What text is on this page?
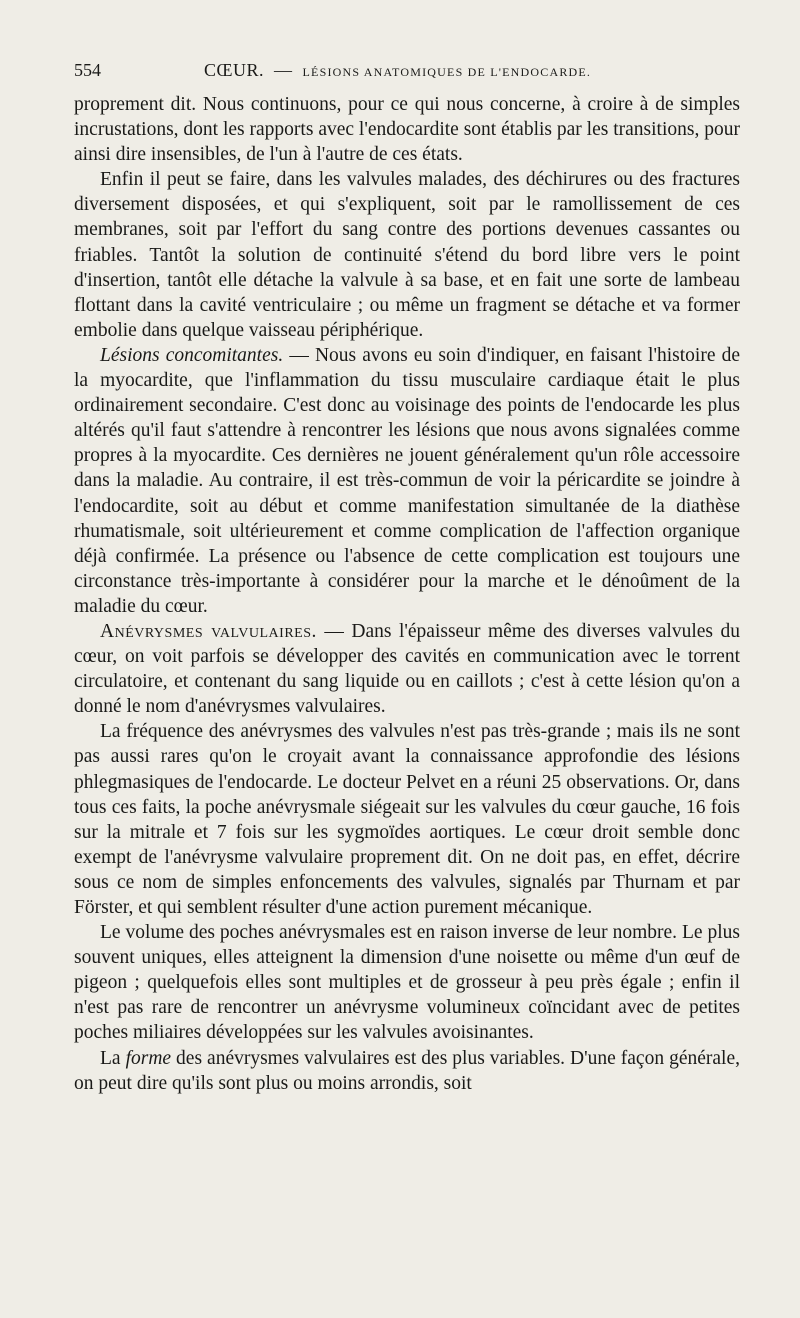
554	CŒUR. — LÉSIONS ANATOMIQUES DE L'ENDOCARDE.

proprement dit. Nous continuons, pour ce qui nous concerne, à croire à de simples incrustations, dont les rapports avec l'endocardite sont établis par les transitions, pour ainsi dire insensibles, de l'un à l'autre de ces états.

Enfin il peut se faire, dans les valvules malades, des déchirures ou des fractures diversement disposées, et qui s'expliquent, soit par le ramollissement de ces membranes, soit par l'effort du sang contre des portions devenues cassantes ou friables. Tantôt la solution de continuité s'étend du bord libre vers le point d'insertion, tantôt elle détache la valvule à sa base, et en fait une sorte de lambeau flottant dans la cavité ventriculaire ; ou même un fragment se détache et va former embolie dans quelque vaisseau périphérique.

Lésions concomitantes. — Nous avons eu soin d'indiquer, en faisant l'histoire de la myocardite, que l'inflammation du tissu musculaire cardiaque était le plus ordinairement secondaire. C'est donc au voisinage des points de l'endocarde les plus altérés qu'il faut s'attendre à rencontrer les lésions que nous avons signalées comme propres à la myocardite. Ces dernières ne jouent généralement qu'un rôle accessoire dans la maladie. Au contraire, il est très-commun de voir la péricardite se joindre à l'endocardite, soit au début et comme manifestation simultanée de la diathèse rhumatismale, soit ultérieurement et comme complication de l'affection organique déjà confirmée. La présence ou l'absence de cette complication est toujours une circonstance très-importante à considérer pour la marche et le dénoûment de la maladie du cœur.

Anévrysmes valvulaires. — Dans l'épaisseur même des diverses valvules du cœur, on voit parfois se développer des cavités en communication avec le torrent circulatoire, et contenant du sang liquide ou en caillots ; c'est à cette lésion qu'on a donné le nom d'anévrysmes valvulaires.

La fréquence des anévrysmes des valvules n'est pas très-grande ; mais ils ne sont pas aussi rares qu'on le croyait avant la connaissance approfondie des lésions phlegmasiques de l'endocarde. Le docteur Pelvet en a réuni 25 observations. Or, dans tous ces faits, la poche anévrysmale siégeait sur les valvules du cœur gauche, 16 fois sur la mitrale et 7 fois sur les sygmoïdes aortiques. Le cœur droit semble donc exempt de l'anévrysme valvulaire proprement dit. On ne doit pas, en effet, décrire sous ce nom de simples enfoncements des valvules, signalés par Thurnam et par Förster, et qui semblent résulter d'une action purement mécanique.

Le volume des poches anévrysmales est en raison inverse de leur nombre. Le plus souvent uniques, elles atteignent la dimension d'une noisette ou même d'un œuf de pigeon ; quelquefois elles sont multiples et de grosseur à peu près égale ; enfin il n'est pas rare de rencontrer un anévrysme volumineux coïncidant avec de petites poches miliaires développées sur les valvules avoisinantes.

La forme des anévrysmes valvulaires est des plus variables. D'une façon générale, on peut dire qu'ils sont plus ou moins arrondis, soit
